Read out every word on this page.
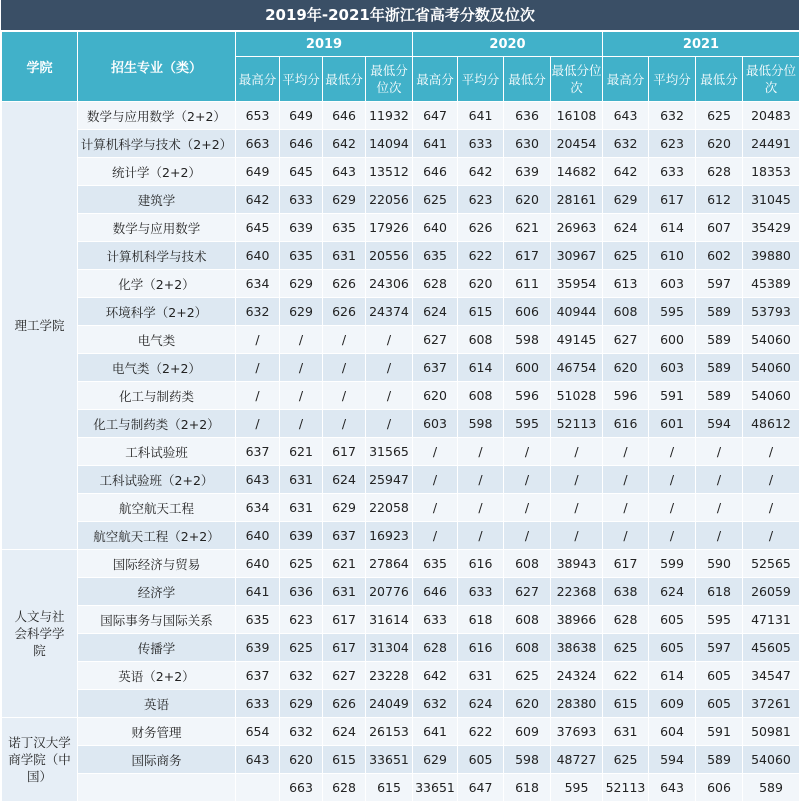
2019年-2021年浙江省高考分数及位次
学院	招生专业（类）	2019				2020				2021				
		最高分	平均分	最低分	最低分位次	最高分	平均分	最低分	最低分位次	最高分	平均分	最低分	最低分位次	
理工学院	数学与应用数学（2+2）	653	649	646	11932	647	641	636	16108	643	632	625	20483	
	计算机科学与技术（2+2）	663	646	642	14094	641	633	630	20454	632	623	620	24491	
	统计学（2+2）	649	645	643	13512	646	642	639	14682	642	633	628	18353	
	建筑学	642	633	629	22056	625	623	620	28161	629	617	612	31045	
	数学与应用数学	645	639	635	17926	640	626	621	26963	624	614	607	35429	
	计算机科学与技术	640	635	631	20556	635	622	617	30967	625	610	602	39880	
	化学（2+2）	634	629	626	24306	628	620	611	35954	613	603	597	45389	
	环境科学（2+2）	632	629	626	24374	624	615	606	40944	608	595	589	53793	
	电气类	/	/	/	/	627	608	598	49145	627	600	589	54060	
	电气类（2+2）	/	/	/	/	637	614	600	46754	620	603	589	54060	
	化工与制药类	/	/	/	/	620	608	596	51028	596	591	589	54060	
	化工与制药类（2+2）	/	/	/	/	603	598	595	52113	616	601	594	48612	
	工科试验班	637	621	617	31565	/	/	/	/	/	/	/	/	
	工科试验班（2+2）	643	631	624	25947	/	/	/	/	/	/	/	/	
	航空航天工程	634	631	629	22058	/	/	/	/	/	/	/	/	
	航空航天工程（2+2）	640	639	637	16923	/	/	/	/	/	/	/	/	
人文与社会科学学院	国际经济与贸易	640	625	621	27864	635	616	608	38943	617	599	590	52565	
	经济学	641	636	631	20776	646	633	627	22368	638	624	618	26059	
	国际事务与国际关系	635	623	617	31614	633	618	608	38966	628	605	595	47131	
	传播学	639	625	617	31304	628	616	608	38638	625	605	597	45605	
	英语（2+2）	637	632	627	23228	642	631	625	24324	622	614	605	34547	
	英语	633	629	626	24049	632	624	620	28380	615	609	605	37261	
诺丁汉大学商学院（中国）	财务管理	654	632	624	26153	641	622	609	37693	631	604	591	50981	
	国际商务	643	620	615	33651	629	605	598	48727	625	594	589	54060	
			663	628	615	33651	647	618	595	52113	643	606	589	
